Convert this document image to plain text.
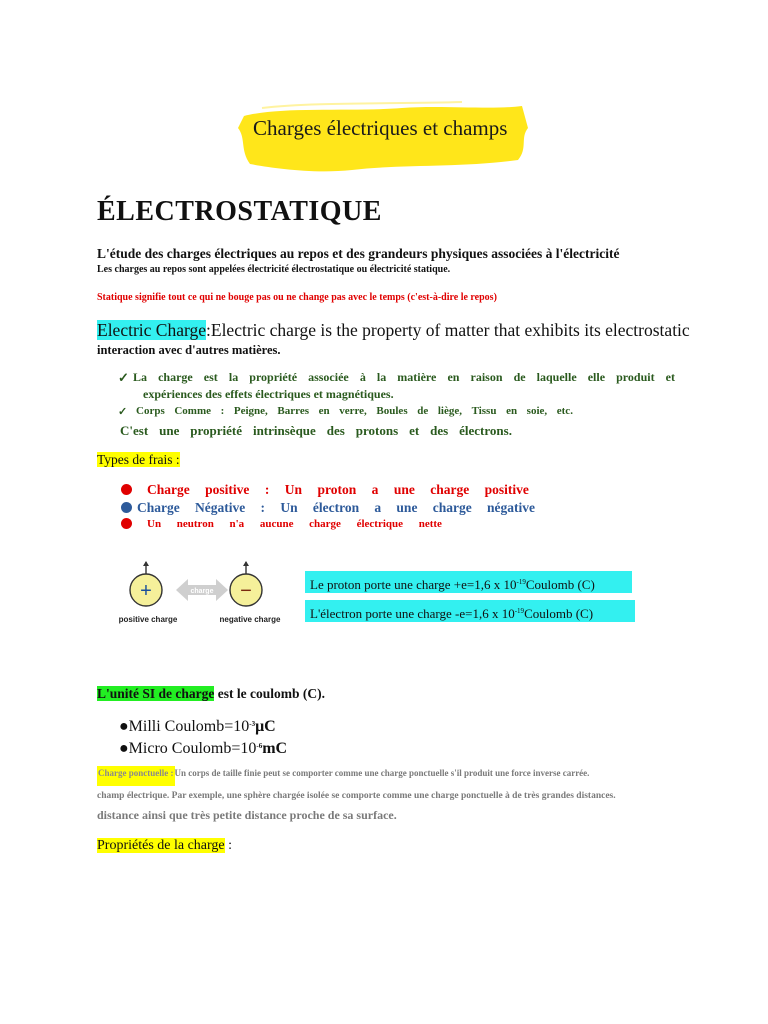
Charges électriques et champs
ÉLECTROSTATIQUE
L'étude des charges électriques au repos et des grandeurs physiques associées à l'électricité
Les charges au repos sont appelées électricité électrostatique ou électricité statique.
Statique signifie tout ce qui ne bouge pas ou ne change pas avec le temps (c'est-à-dire le repos)
Electric Charge:Electric charge is the property of matter that exhibits its electrostatic
interaction avec d'autres matières.
✓ La charge est la propriété associée à la matière en raison de laquelle elle produit et
expériences des effets électriques et magnétiques.
✓ Corps Comme : Peigne, Barres en verre, Boules de liège, Tissu en soie, etc.
C'est une propriété intrinsèque des protons et des électrons.
Types de frais :
Charge positive : Un proton a une charge positive
Charge Négative : Un électron a une charge négative
Un neutron n'a aucune charge électrique nette
+	−
charge
positive charge	negative charge
Le proton porte une charge +e=1,6 x $10^{-19}Coulomb$ (C)
L'électron porte une charge -e=1,6 x $10^{-19}Coulomb$ (C)
L'unité SI de charge est le coulomb (C).
●Milli $Coulomb=10^{-3}\mu C$
●Micro $Coulomb=10^{-6}mC$
Charge ponctuelle :Un corps de taille finie peut se comporter comme une charge ponctuelle s'il produit une force inverse carrée.
champ électrique. Par exemple, une sphère chargée isolée se comporte comme une charge ponctuelle à de très grandes distances.
distance ainsi que très petite distance proche de sa surface.
Propriétés de la charge :
